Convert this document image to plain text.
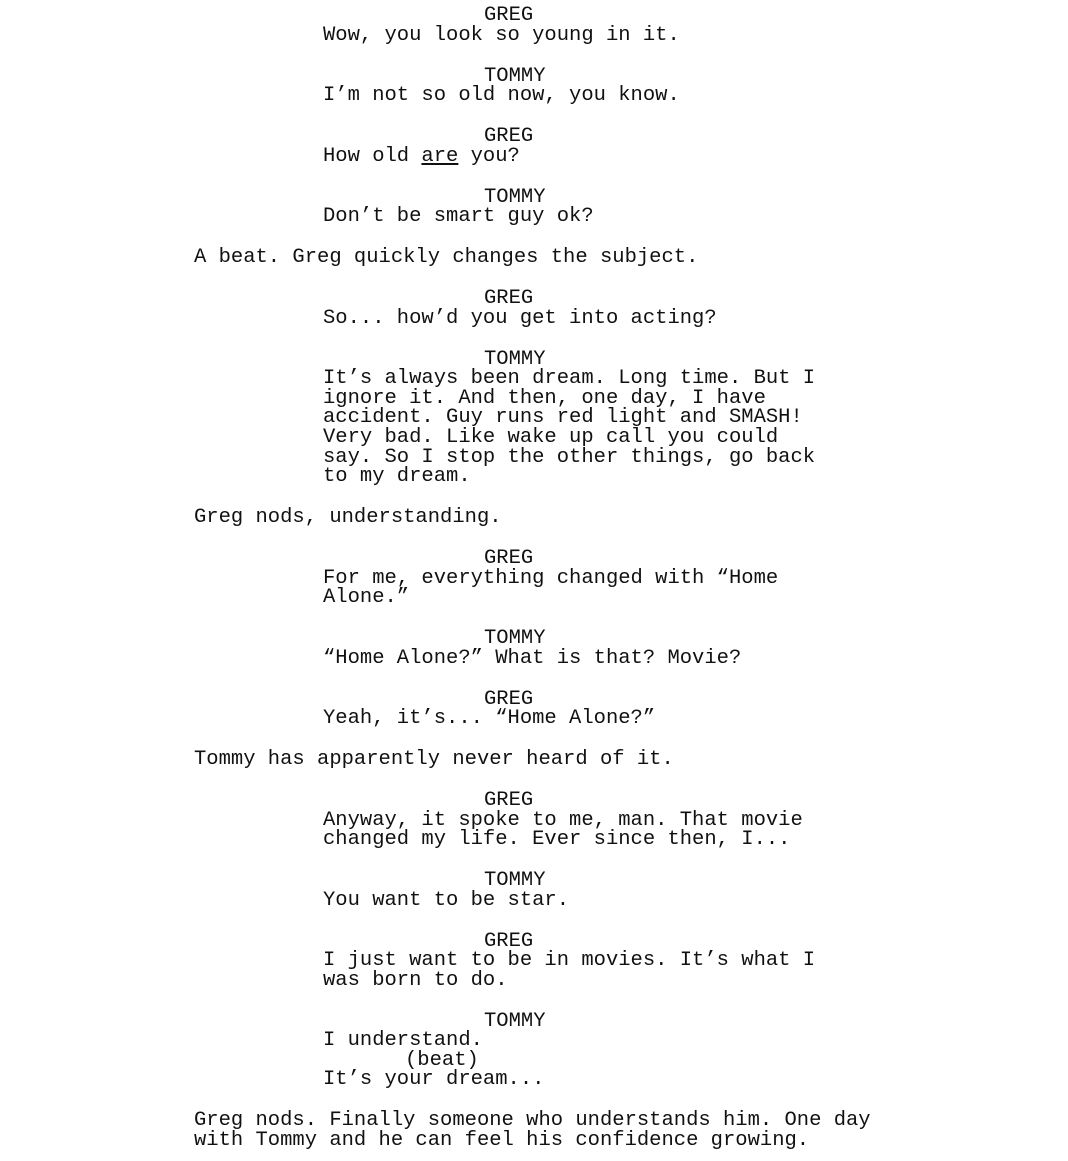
GREG
Wow, you look so young in it.
TOMMY
I’m not so old now, you know.
GREG
How old are you?
TOMMY
Don’t be smart guy ok?
A beat. Greg quickly changes the subject.
GREG
So... how’d you get into acting?
TOMMY
It’s always been dream. Long time. But I
ignore it. And then, one day, I have
accident. Guy runs red light and SMASH!
Very bad. Like wake up call you could
say. So I stop the other things, go back
to my dream.
Greg nods, understanding.
GREG
For me, everything changed with “Home
Alone.”
TOMMY
“Home Alone?” What is that? Movie?
GREG
Yeah, it’s... “Home Alone?”
Tommy has apparently never heard of it.
GREG
Anyway, it spoke to me, man. That movie
changed my life. Ever since then, I...
TOMMY
You want to be star.
GREG
I just want to be in movies. It’s what I
was born to do.
TOMMY
I understand.
(beat)
It’s your dream...
Greg nods. Finally someone who understands him. One day
with Tommy and he can feel his confidence growing.
